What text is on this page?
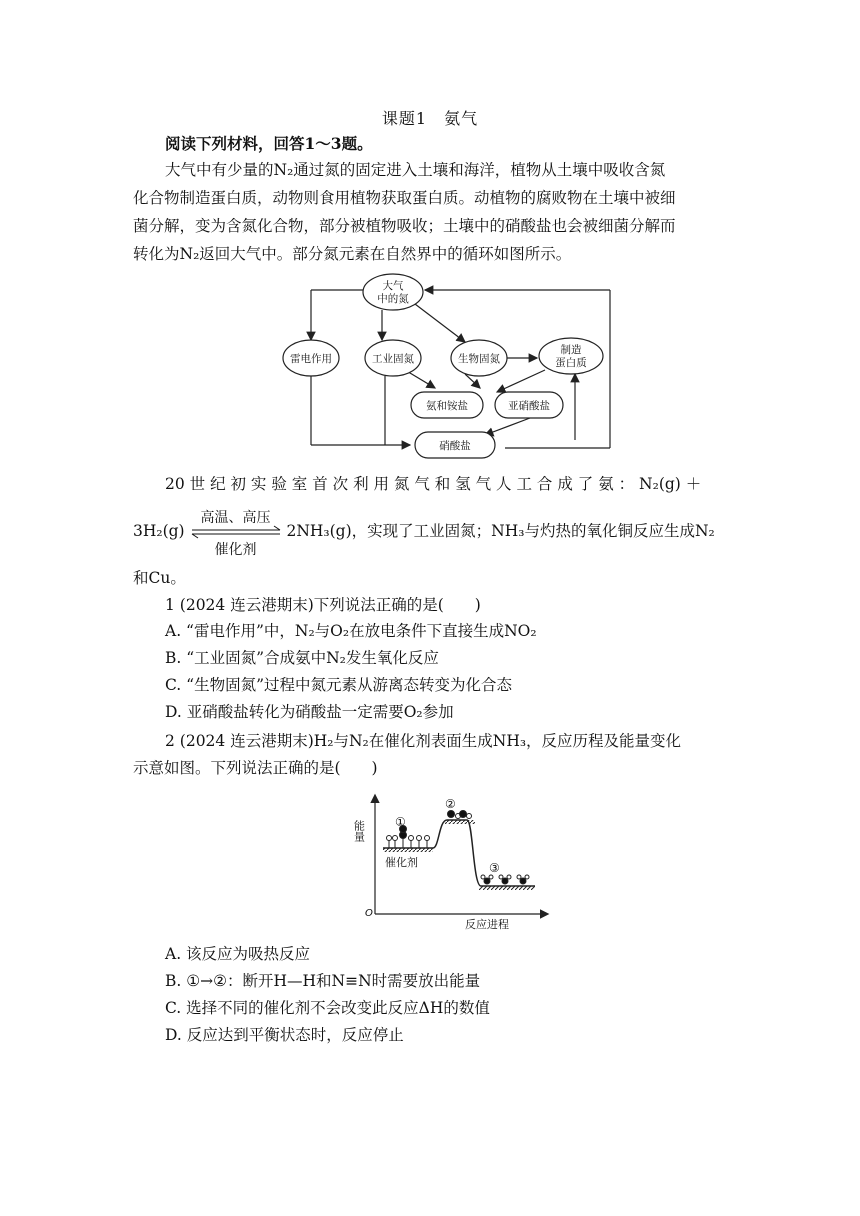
课题1　氨气
阅读下列材料，回答1～3题。
大气中有少量的N₂通过氮的固定进入土壤和海洋，植物从土壤中吸收含氮
化合物制造蛋白质，动物则食用植物获取蛋白质。动植物的腐败物在土壤中被细
菌分解，变为含氮化合物，部分被植物吸收；土壤中的硝酸盐也会被细菌分解而
转化为N₂返回大气中。部分氮元素在自然界中的循环如图所示。
大气
中的氮
雷电作用	工业固氮	生物固氮
制造
蛋白质
氨和铵盐	亚硝酸盐
硝酸盐
20 世 纪 初 实 验 室 首 次 利 用 氮 气 和 氢 气 人 工 合 成 了 氨 ： N₂(g) ＋
3H₂(g)
高温、高压
催化剂
2NH₃(g)，实现了工业固氮；NH₃与灼热的氧化铜反应生成N₂
和Cu。
1 (2024 连云港期末)下列说法正确的是(　　)
A. “雷电作用”中，N₂与O₂在放电条件下直接生成NO₂
B. “工业固氮”合成氨中N₂发生氧化反应
C. “生物固氮”过程中氮元素从游离态转变为化合态
D. 亚硝酸盐转化为硝酸盐一定需要O₂参加
2 (2024 连云港期末)H₂与N₂在催化剂表面生成NH₃，反应历程及能量变化
示意如图。下列说法正确的是(　　)
能量 ①
②
③
催化剂
O
反应进程
A. 该反应为吸热反应
B. ①→②：断开H—H和N≡N时需要放出能量
C. 选择不同的催化剂不会改变此反应ΔH的数值
D. 反应达到平衡状态时，反应停止
